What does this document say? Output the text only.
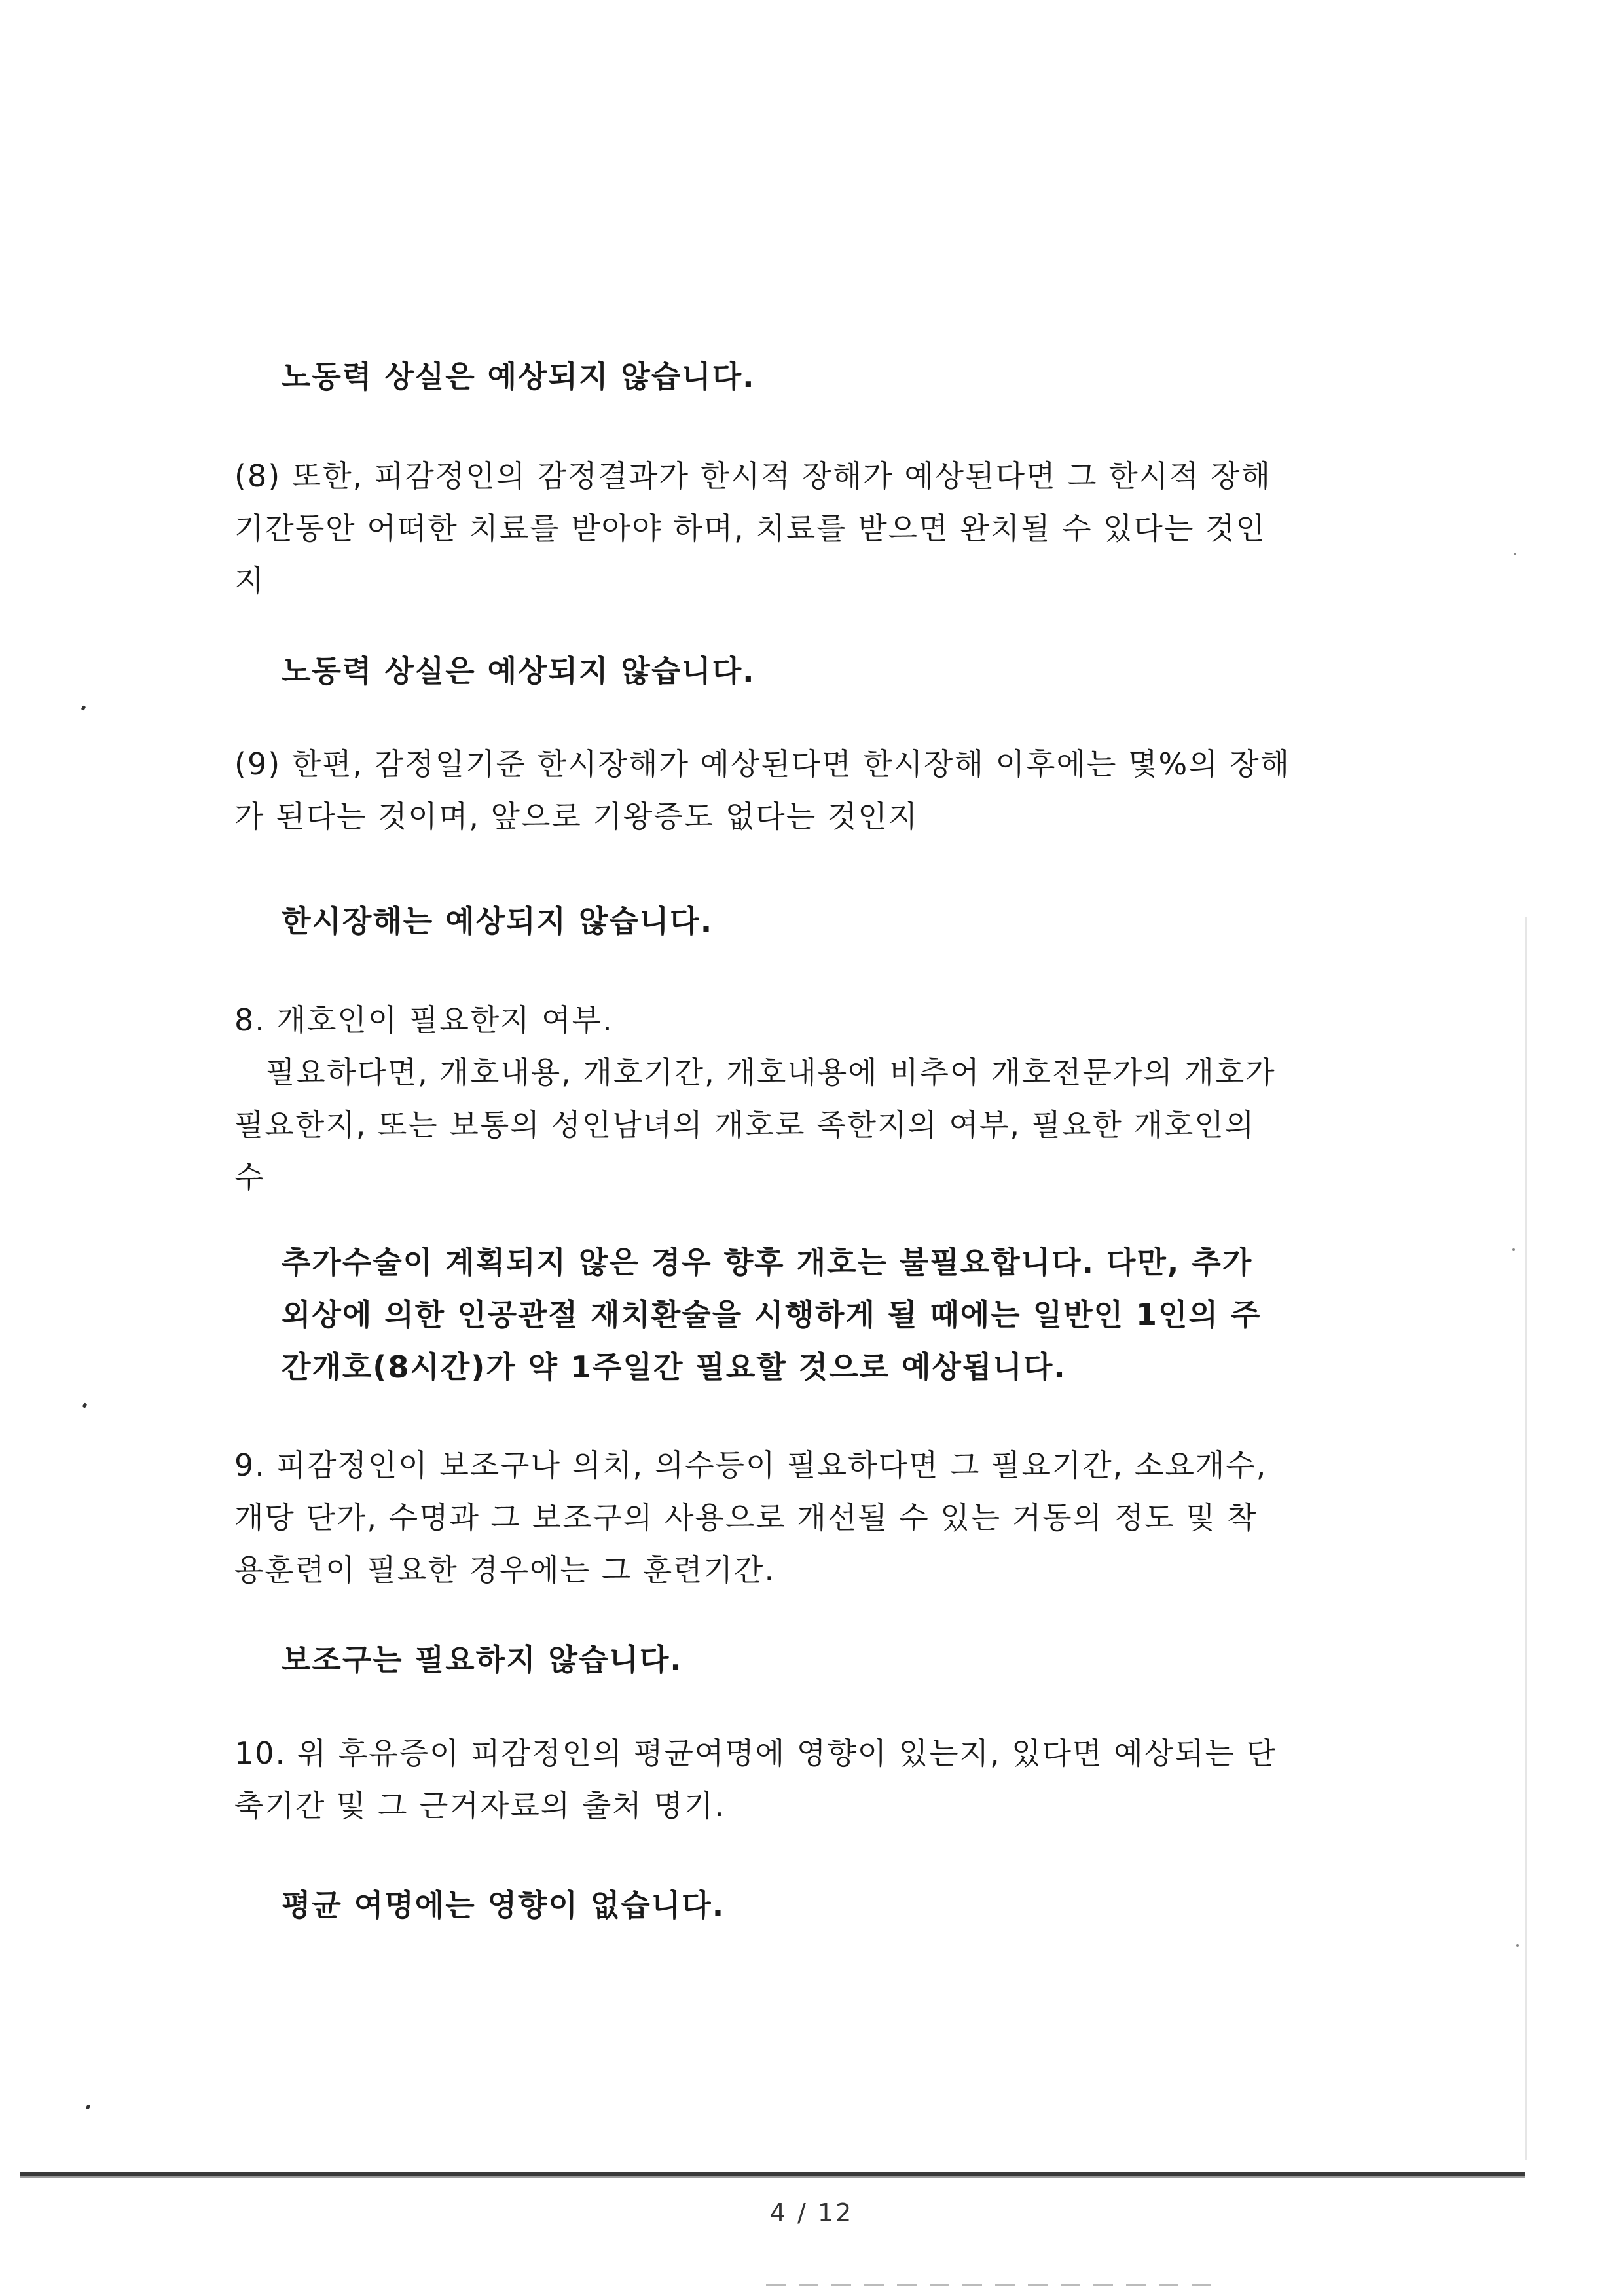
노동력 상실은 예상되지 않습니다.
(8) 또한, 피감정인의 감정결과가 한시적 장해가 예상된다면 그 한시적 장해
기간동안 어떠한 치료를 받아야 하며, 치료를 받으면 완치될 수 있다는 것인
지
노동력 상실은 예상되지 않습니다.
(9) 한편, 감정일기준 한시장해가 예상된다면 한시장해 이후에는 몇%의 장해
가 된다는 것이며, 앞으로 기왕증도 없다는 것인지
한시장해는 예상되지 않습니다.
8. 개호인이 필요한지 여부.
필요하다면, 개호내용, 개호기간, 개호내용에 비추어 개호전문가의 개호가
필요한지, 또는 보통의 성인남녀의 개호로 족한지의 여부, 필요한 개호인의
수
추가수술이 계획되지 않은 경우 향후 개호는 불필요합니다. 다만, 추가
외상에 의한 인공관절 재치환술을 시행하게 될 때에는 일반인 1인의 주
간개호(8시간)가 약 1주일간 필요할 것으로 예상됩니다.
9. 피감정인이 보조구나 의치, 의수등이 필요하다면 그 필요기간, 소요개수,
개당 단가, 수명과 그 보조구의 사용으로 개선될 수 있는 거동의 정도 및 착
용훈련이 필요한 경우에는 그 훈련기간.
보조구는 필요하지 않습니다.
10. 위 후유증이 피감정인의 평균여명에 영향이 있는지, 있다면 예상되는 단
축기간 및 그 근거자료의 출처 명기.
평균 여명에는 영향이 없습니다.
4 / 12
